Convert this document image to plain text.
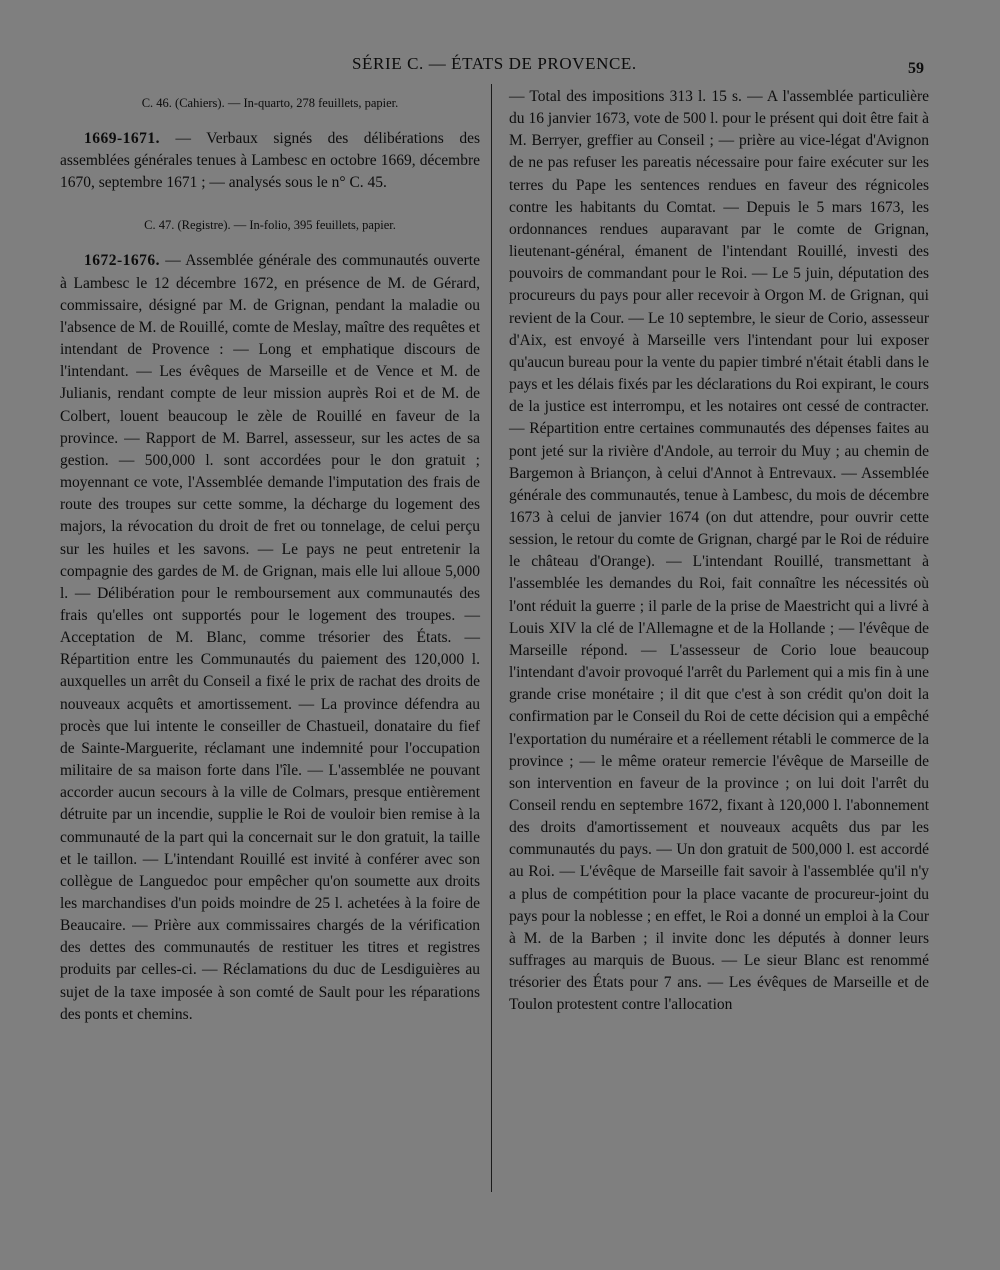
SÉRIE C. — ÉTATS DE PROVENCE.	59

C. 46. (Cahiers). — In-quarto, 278 feuillets, papier.

1669-1671. — Verbaux signés des délibérations des assemblées générales tenues à Lambesc en octobre 1669, décembre 1670, septembre 1671 ; — analysés sous le n° C. 45.

C. 47. (Registre). — In-folio, 395 feuillets, papier.

1672-1676. — Assemblée générale des communautés ouverte à Lambesc le 12 décembre 1672, en présence de M. de Gérard, commissaire, désigné par M. de Grignan, pendant la maladie ou l'absence de M. de Rouillé, comte de Meslay, maître des requêtes et intendant de Provence : — Long et emphatique discours de l'intendant. — Les évêques de Marseille et de Vence et M. de Julianis, rendant compte de leur mission auprès Roi et de M. de Colbert, louent beaucoup le zèle de Rouillé en faveur de la province. — Rapport de M. Barrel, assesseur, sur les actes de sa gestion. — 500,000 l. sont accordées pour le don gratuit ; moyennant ce vote, l'Assemblée demande l'imputation des frais de route des troupes sur cette somme, la décharge du logement des majors, la révocation du droit de fret ou tonnelage, de celui perçu sur les huiles et les savons. — Le pays ne peut entretenir la compagnie des gardes de M. de Grignan, mais elle lui alloue 5,000 l. — Délibération pour le remboursement aux communautés des frais qu'elles ont supportés pour le logement des troupes. — Acceptation de M. Blanc, comme trésorier des États. — Répartition entre les Communautés du paiement des 120,000 l. auxquelles un arrêt du Conseil a fixé le prix de rachat des droits de nouveaux acquêts et amortissement. — La province défendra au procès que lui intente le conseiller de Chastueil, donataire du fief de Sainte-Marguerite, réclamant une indemnité pour l'occupation militaire de sa maison forte dans l'île. — L'assemblée ne pouvant accorder aucun secours à la ville de Colmars, presque entièrement détruite par un incendie, supplie le Roi de vouloir bien remise à la communauté de la part qui la concernait sur le don gratuit, la taille et le taillon. — L'intendant Rouillé est invité à conférer avec son collègue de Languedoc pour empêcher qu'on soumette aux droits les marchandises d'un poids moindre de 25 l. achetées à la foire de Beaucaire. — Prière aux commissaires chargés de la vérification des dettes des communautés de restituer les titres et registres produits par celles-ci. — Réclamations du duc de Lesdiguières au sujet de la taxe imposée à son comté de Sault pour les réparations des ponts et chemins.

— Total des impositions 313 l. 15 s. — A l'assemblée particulière du 16 janvier 1673, vote de 500 l. pour le présent qui doit être fait à M. Berryer, greffier au Conseil ; — prière au vice-légat d'Avignon de ne pas refuser les pareatis nécessaire pour faire exécuter sur les terres du Pape les sentences rendues en faveur des régnicoles contre les habitants du Comtat. — Depuis le 5 mars 1673, les ordonnances rendues auparavant par le comte de Grignan, lieutenant-général, émanent de l'intendant Rouillé, investi des pouvoirs de commandant pour le Roi. — Le 5 juin, députation des procureurs du pays pour aller recevoir à Orgon M. de Grignan, qui revient de la Cour. — Le 10 septembre, le sieur de Corio, assesseur d'Aix, est envoyé à Marseille vers l'intendant pour lui exposer qu'aucun bureau pour la vente du papier timbré n'était établi dans le pays et les délais fixés par les déclarations du Roi expirant, le cours de la justice est interrompu, et les notaires ont cessé de contracter. — Répartition entre certaines communautés des dépenses faites au pont jeté sur la rivière d'Andole, au terroir du Muy ; au chemin de Bargemon à Briançon, à celui d'Annot à Entrevaux. — Assemblée générale des communautés, tenue à Lambesc, du mois de décembre 1673 à celui de janvier 1674 (on dut attendre, pour ouvrir cette session, le retour du comte de Grignan, chargé par le Roi de réduire le château d'Orange). — L'intendant Rouillé, transmettant à l'assemblée les demandes du Roi, fait connaître les nécessités où l'ont réduit la guerre ; il parle de la prise de Maestricht qui a livré à Louis XIV la clé de l'Allemagne et de la Hollande ; — l'évêque de Marseille répond. — L'assesseur de Corio loue beaucoup l'intendant d'avoir provoqué l'arrêt du Parlement qui a mis fin à une grande crise monétaire ; il dit que c'est à son crédit qu'on doit la confirmation par le Conseil du Roi de cette décision qui a empêché l'exportation du numéraire et a réellement rétabli le commerce de la province ; — le même orateur remercie l'évêque de Marseille de son intervention en faveur de la province ; on lui doit l'arrêt du Conseil rendu en septembre 1672, fixant à 120,000 l. l'abonnement des droits d'amortissement et nouveaux acquêts dus par les communautés du pays. — Un don gratuit de 500,000 l. est accordé au Roi. — L'évêque de Marseille fait savoir à l'assemblée qu'il n'y a plus de compétition pour la place vacante de procureur-joint du pays pour la noblesse ; en effet, le Roi a donné un emploi à la Cour à M. de la Barben ; il invite donc les députés à donner leurs suffrages au marquis de Buous. — Le sieur Blanc est renommé trésorier des États pour 7 ans. — Les évêques de Marseille et de Toulon protestent contre l'allocation
